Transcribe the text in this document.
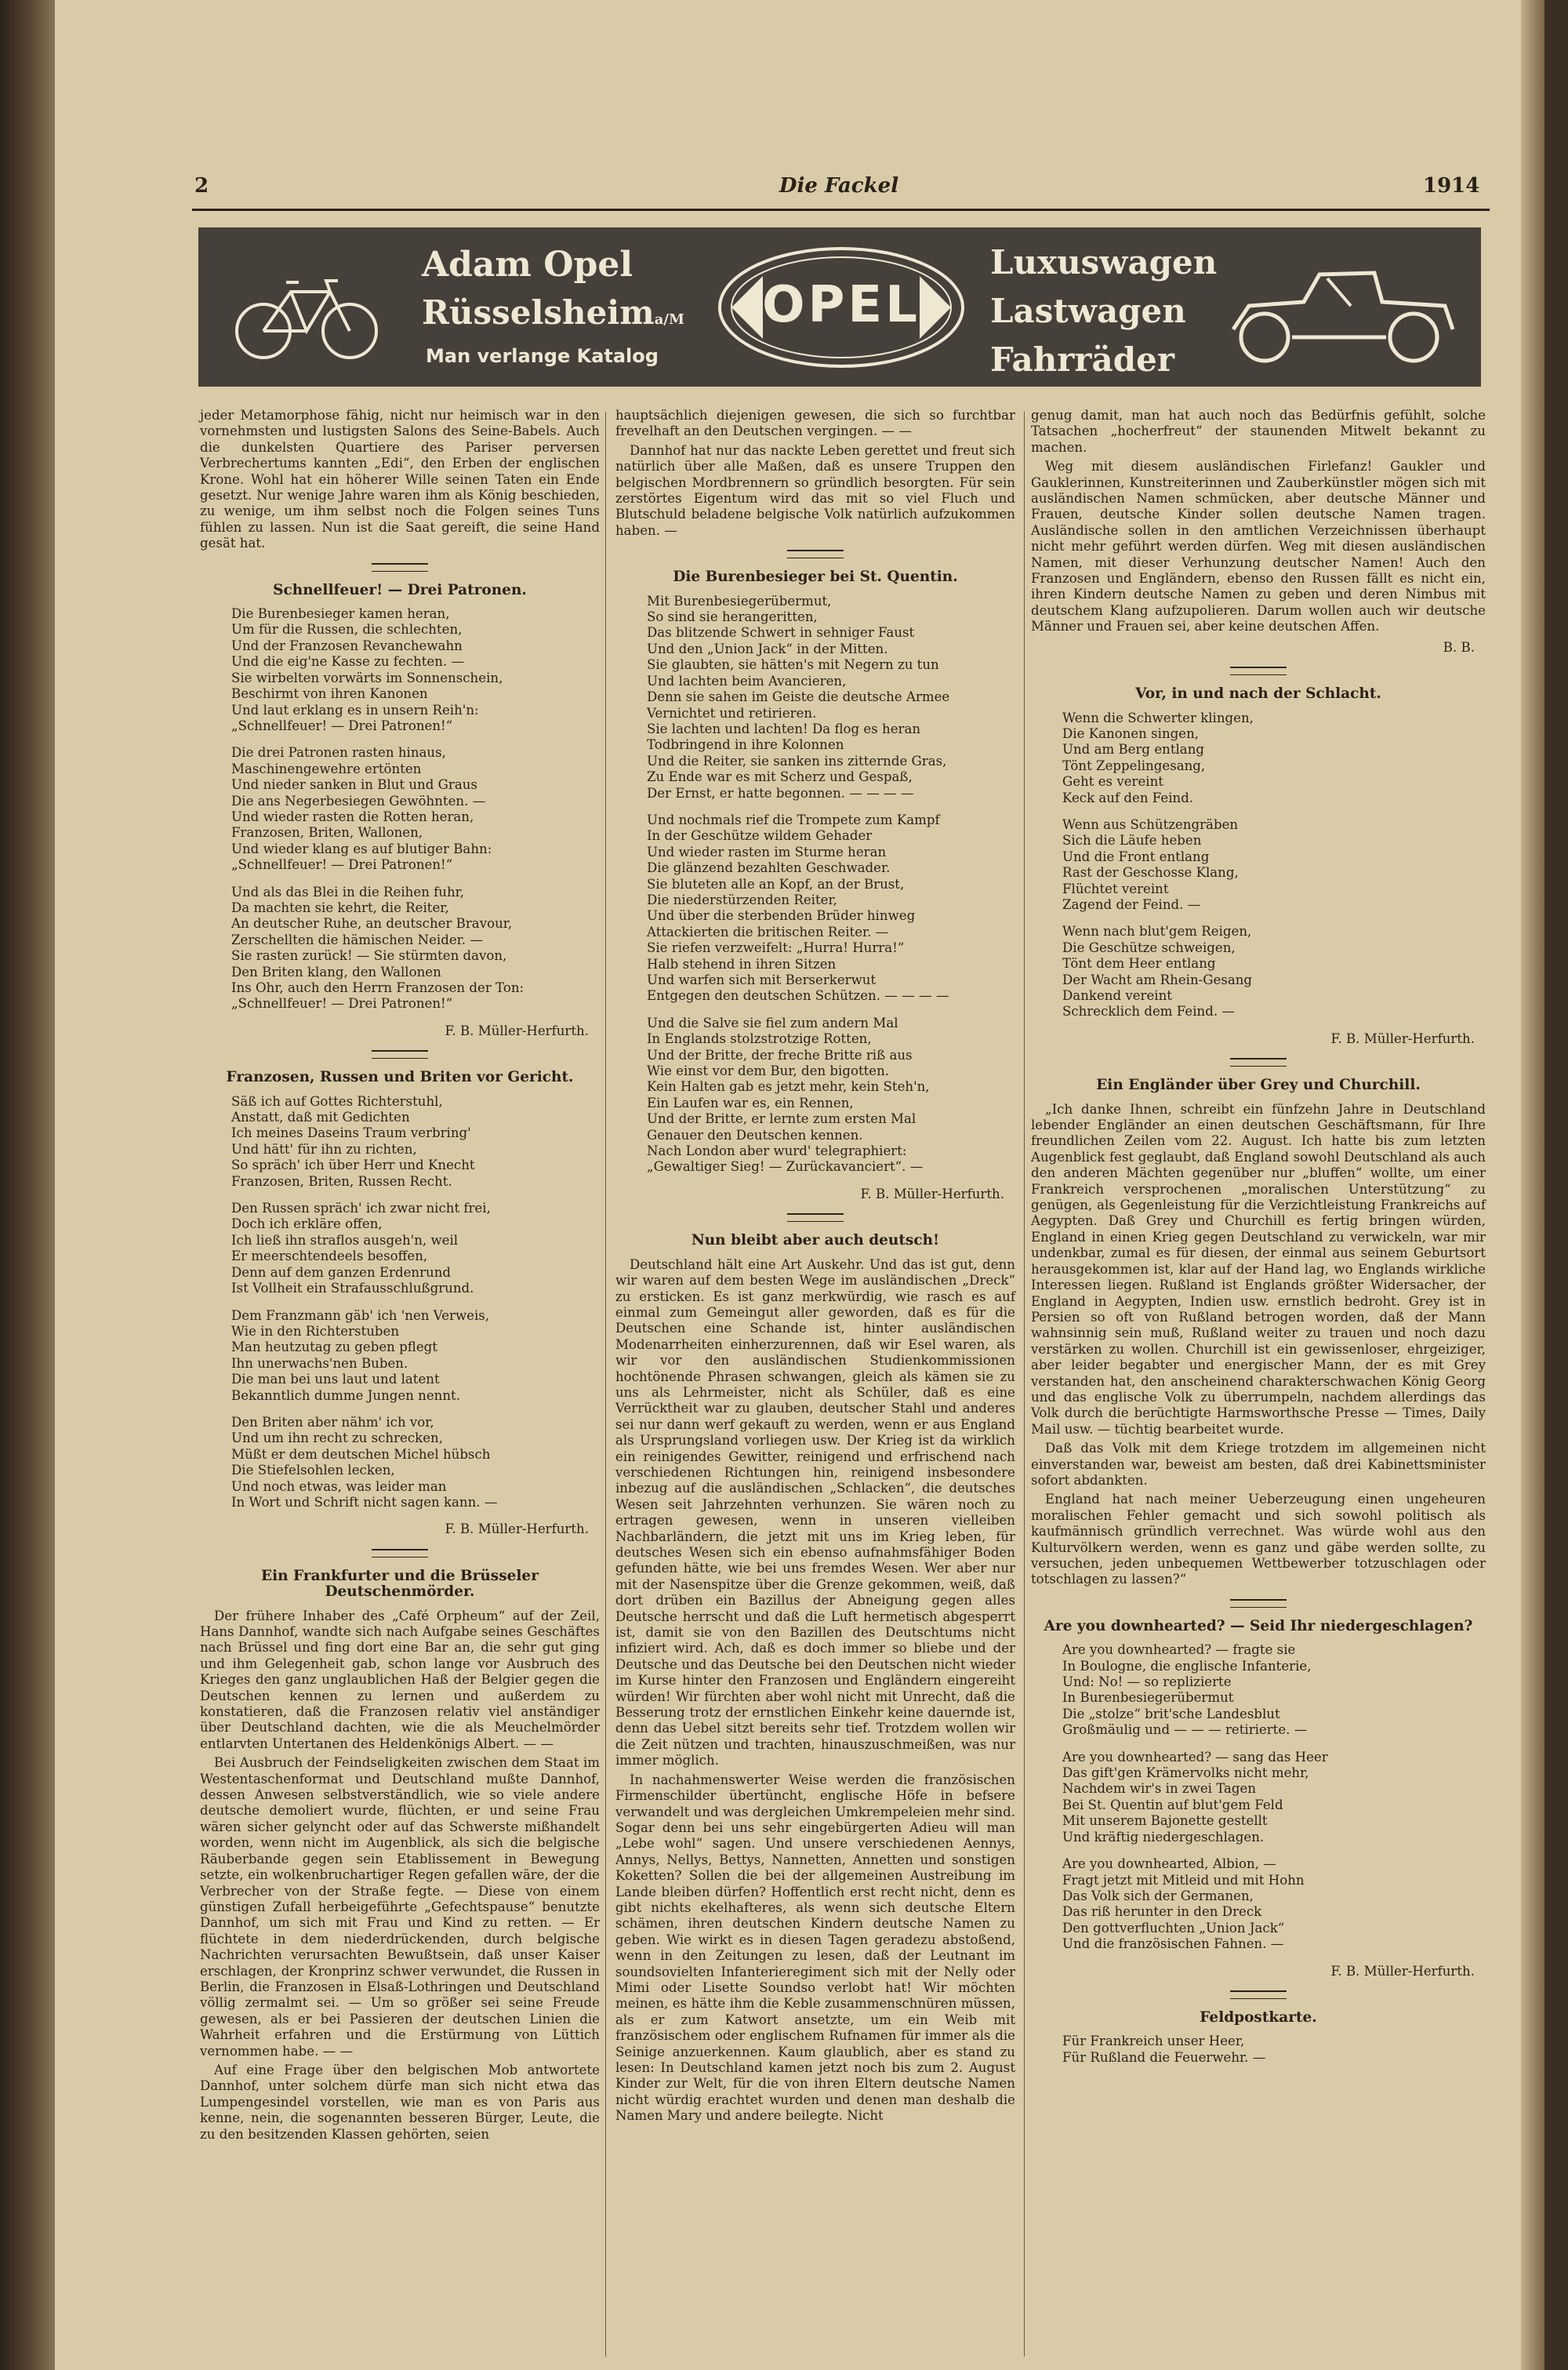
2	Die Fackel	1914
Adam Opel
Rüsselsheima/M
Man verlange Katalog
OPEL
Luxuswagen
Lastwagen
Fahrräder

jeder Metamorphose fähig, nicht nur heimisch war in den vornehmsten und lustigsten Salons des Seine-Babels. Auch die dunkelsten Quartiere des Pariser perversen Verbrechertums kannten „Edi“, den Erben der englischen Krone. Wohl hat ein höherer Wille seinen Taten ein Ende gesetzt. Nur wenige Jahre waren ihm als König beschieden, zu wenige, um ihm selbst noch die Folgen seines Tuns fühlen zu lassen. Nun ist die Saat gereift, die seine Hand gesät hat.

Schnellfeuer! — Drei Patronen.
Die Burenbesieger kamen heran,
Um für die Russen, die schlechten,
Und der Franzosen Revanchewahn
Und die eig'ne Kasse zu fechten. —
Sie wirbelten vorwärts im Sonnenschein,
Beschirmt von ihren Kanonen
Und laut erklang es in unsern Reih'n:
„Schnellfeuer! — Drei Patronen!“
Die drei Patronen rasten hinaus,
Maschinengewehre ertönten
Und nieder sanken in Blut und Graus
Die ans Negerbesiegen Gewöhnten. —
Und wieder rasten die Rotten heran,
Franzosen, Briten, Wallonen,
Und wieder klang es auf blutiger Bahn:
„Schnellfeuer! — Drei Patronen!“
Und als das Blei in die Reihen fuhr,
Da machten sie kehrt, die Reiter,
An deutscher Ruhe, an deutscher Bravour,
Zerschellten die hämischen Neider. —
Sie rasten zurück! — Sie stürmten davon,
Den Briten klang, den Wallonen
Ins Ohr, auch den Herrn Franzosen der Ton:
„Schnellfeuer! — Drei Patronen!“
F. B. Müller-Herfurth.
Franzosen, Russen und Briten vor Gericht.
Säß ich auf Gottes Richterstuhl,
Anstatt, daß mit Gedichten
Ich meines Daseins Traum verbring'
Und hätt' für ihn zu richten,
So spräch' ich über Herr und Knecht
Franzosen, Briten, Russen Recht.
Den Russen spräch' ich zwar nicht frei,
Doch ich erkläre offen,
Ich ließ ihn straflos ausgeh'n, weil
Er meerschtendeels besoffen,
Denn auf dem ganzen Erdenrund
Ist Vollheit ein Strafausschlußgrund.
Dem Franzmann gäb' ich 'nen Verweis,
Wie in den Richterstuben
Man heutzutag zu geben pflegt
Ihn unerwachs'nen Buben.
Die man bei uns laut und latent
Bekanntlich dumme Jungen nennt.
Den Briten aber nähm' ich vor,
Und um ihn recht zu schrecken,
Müßt er dem deutschen Michel hübsch
Die Stiefelsohlen lecken,
Und noch etwas, was leider man
In Wort und Schrift nicht sagen kann. —
F. B. Müller-Herfurth.
Ein Frankfurter und die Brüsseler Deutschenmörder.

Der frühere Inhaber des „Café Orpheum“ auf der Zeil, Hans Dannhof, wandte sich nach Aufgabe seines Geschäftes nach Brüssel und fing dort eine Bar an, die sehr gut ging und ihm Gelegenheit gab, schon lange vor Ausbruch des Krieges den ganz unglaublichen Haß der Belgier gegen die Deutschen kennen zu lernen und außerdem zu konstatieren, daß die Franzosen relativ viel anständiger über Deutschland dachten, wie die als Meuchelmörder entlarvten Untertanen des Heldenkönigs Albert. — —

Bei Ausbruch der Feindseligkeiten zwischen dem Staat im Westentaschenformat und Deutschland mußte Dannhof, dessen Anwesen selbstverständlich, wie so viele andere deutsche demoliert wurde, flüchten, er und seine Frau wären sicher gelyncht oder auf das Schwerste mißhandelt worden, wenn nicht im Augenblick, als sich die belgische Räuberbande gegen sein Etablissement in Bewegung setzte, ein wolkenbruchartiger Regen gefallen wäre, der die Verbrecher von der Straße fegte. — Diese von einem günstigen Zufall herbeigeführte „Gefechtspause“ benutzte Dannhof, um sich mit Frau und Kind zu retten. — Er flüchtete in dem niederdrückenden, durch belgische Nachrichten verursachten Bewußtsein, daß unser Kaiser erschlagen, der Kronprinz schwer verwundet, die Russen in Berlin, die Franzosen in Elsaß-Lothringen und Deutschland völlig zermalmt sei. — Um so größer sei seine Freude gewesen, als er bei Passieren der deutschen Linien die Wahrheit erfahren und die Erstürmung von Lüttich vernommen habe. — —

Auf eine Frage über den belgischen Mob antwortete Dannhof, unter solchem dürfe man sich nicht etwa das Lumpengesindel vorstellen, wie man es von Paris aus kenne, nein, die sogenannten besseren Bürger, Leute, die zu den besitzenden Klassen gehörten, seien

hauptsächlich diejenigen gewesen, die sich so furchtbar frevelhaft an den Deutschen vergingen. — —

Dannhof hat nur das nackte Leben gerettet und freut sich natürlich über alle Maßen, daß es unsere Truppen den belgischen Mordbrennern so gründlich besorgten. Für sein zerstörtes Eigentum wird das mit so viel Fluch und Blutschuld beladene belgische Volk natürlich aufzukommen haben. —

Die Burenbesieger bei St. Quentin.
Mit Burenbesiegerübermut,
So sind sie herangeritten,
Das blitzende Schwert in sehniger Faust
Und den „Union Jack“ in der Mitten.
Sie glaubten, sie hätten's mit Negern zu tun
Und lachten beim Avancieren,
Denn sie sahen im Geiste die deutsche Armee
Vernichtet und retirieren.
Sie lachten und lachten! Da flog es heran
Todbringend in ihre Kolonnen
Und die Reiter, sie sanken ins zitternde Gras,
Zu Ende war es mit Scherz und Gespaß,
Der Ernst, er hatte begonnen. — — — —
Und nochmals rief die Trompete zum Kampf
In der Geschütze wildem Gehader
Und wieder rasten im Sturme heran
Die glänzend bezahlten Geschwader.
Sie bluteten alle an Kopf, an der Brust,
Die niederstürzenden Reiter,
Und über die sterbenden Brüder hinweg
Attackierten die britischen Reiter. —
Sie riefen verzweifelt: „Hurra! Hurra!“
Halb stehend in ihren Sitzen
Und warfen sich mit Berserkerwut
Entgegen den deutschen Schützen. — — — —
Und die Salve sie fiel zum andern Mal
In Englands stolzstrotzige Rotten,
Und der Britte, der freche Britte riß aus
Wie einst vor dem Bur, den bigotten.
Kein Halten gab es jetzt mehr, kein Steh'n,
Ein Laufen war es, ein Rennen,
Und der Britte, er lernte zum ersten Mal
Genauer den Deutschen kennen.
Nach London aber wurd' telegraphiert:
„Gewaltiger Sieg! — Zurückavanciert“. —
F. B. Müller-Herfurth.
Nun bleibt aber auch deutsch!

Deutschland hält eine Art Auskehr. Und das ist gut, denn wir waren auf dem besten Wege im ausländischen „Dreck“ zu ersticken. Es ist ganz merkwürdig, wie rasch es auf einmal zum Gemeingut aller geworden, daß es für die Deutschen eine Schande ist, hinter ausländischen Modenarrheiten einherzurennen, daß wir Esel waren, als wir vor den ausländischen Studienkommissionen hochtönende Phrasen schwangen, gleich als kämen sie zu uns als Lehrmeister, nicht als Schüler, daß es eine Verrücktheit war zu glauben, deutscher Stahl und anderes sei nur dann werf gekauft zu werden, wenn er aus England als Ursprungsland vorliegen usw. Der Krieg ist da wirklich ein reinigendes Gewitter, reinigend und erfrischend nach verschiedenen Richtungen hin, reinigend insbesondere inbezug auf die ausländischen „Schlacken“, die deutsches Wesen seit Jahrzehnten verhunzen. Sie wären noch zu ertragen gewesen, wenn in unseren vielleiben Nachbarländern, die jetzt mit uns im Krieg leben, für deutsches Wesen sich ein ebenso aufnahmsfähiger Boden gefunden hätte, wie bei uns fremdes Wesen. Wer aber nur mit der Nasenspitze über die Grenze gekommen, weiß, daß dort drüben ein Bazillus der Abneigung gegen alles Deutsche herrscht und daß die Luft hermetisch abgesperrt ist, damit sie von den Bazillen des Deutschtums nicht infiziert wird. Ach, daß es doch immer so bliebe und der Deutsche und das Deutsche bei den Deutschen nicht wieder im Kurse hinter den Franzosen und Engländern eingereiht würden! Wir fürchten aber wohl nicht mit Unrecht, daß die Besserung trotz der ernstlichen Einkehr keine dauernde ist, denn das Uebel sitzt bereits sehr tief. Trotzdem wollen wir die Zeit nützen und trachten, hinauszuschmeißen, was nur immer möglich.

In nachahmenswerter Weise werden die französischen Firmenschilder übertüncht, englische Höfe in befsere verwandelt und was dergleichen Umkrempeleien mehr sind. Sogar denn bei uns sehr eingebürgerten Adieu will man „Lebe wohl“ sagen. Und unsere verschiedenen Aennys, Annys, Nellys, Bettys, Nannetten, Annetten und sonstigen Koketten? Sollen die bei der allgemeinen Austreibung im Lande bleiben dürfen? Hoffentlich erst recht nicht, denn es gibt nichts ekelhafteres, als wenn sich deutsche Eltern schämen, ihren deutschen Kindern deutsche Namen zu geben. Wie wirkt es in diesen Tagen geradezu abstoßend, wenn in den Zeitungen zu lesen, daß der Leutnant im soundsovielten Infanterieregiment sich mit der Nelly oder Mimi oder Lisette Soundso verlobt hat! Wir möchten meinen, es hätte ihm die Keble zusammenschnüren müssen, als er zum Katwort ansetzte, um ein Weib mit französischem oder englischem Rufnamen für immer als die Seinige anzuerkennen. Kaum glaublich, aber es stand zu lesen: In Deutschland kamen jetzt noch bis zum 2. August Kinder zur Welt, für die von ihren Eltern deutsche Namen nicht würdig erachtet wurden und denen man deshalb die Namen Mary und andere beilegte. Nicht

genug damit, man hat auch noch das Bedürfnis gefühlt, solche Tatsachen „hocherfreut“ der staunenden Mitwelt bekannt zu machen.

Weg mit diesem ausländischen Firlefanz! Gaukler und Gauklerinnen, Kunstreiterinnen und Zauberkünstler mögen sich mit ausländischen Namen schmücken, aber deutsche Männer und Frauen, deutsche Kinder sollen deutsche Namen tragen. Ausländische sollen in den amtlichen Verzeichnissen überhaupt nicht mehr geführt werden dürfen. Weg mit diesen ausländischen Namen, mit dieser Verhunzung deutscher Namen! Auch den Franzosen und Engländern, ebenso den Russen fällt es nicht ein, ihren Kindern deutsche Namen zu geben und deren Nimbus mit deutschem Klang aufzupolieren. Darum wollen auch wir deutsche Männer und Frauen sei, aber keine deutschen Affen.

B. B.
Vor, in und nach der Schlacht.
Wenn die Schwerter klingen,
Die Kanonen singen,
Und am Berg entlang
Tönt Zeppelingesang,
Geht es vereint
Keck auf den Feind.
Wenn aus Schützengräben
Sich die Läufe heben
Und die Front entlang
Rast der Geschosse Klang,
Flüchtet vereint
Zagend der Feind. —
Wenn nach blut'gem Reigen,
Die Geschütze schweigen,
Tönt dem Heer entlang
Der Wacht am Rhein-Gesang
Dankend vereint
Schrecklich dem Feind. —
F. B. Müller-Herfurth.
Ein Engländer über Grey und Churchill.

„Ich danke Ihnen, schreibt ein fünfzehn Jahre in Deutschland lebender Engländer an einen deutschen Geschäftsmann, für Ihre freundlichen Zeilen vom 22. August. Ich hatte bis zum letzten Augenblick fest geglaubt, daß England sowohl Deutschland als auch den anderen Mächten gegenüber nur „bluffen“ wollte, um einer Frankreich versprochenen „moralischen Unterstützung“ zu genügen, als Gegenleistung für die Verzichtleistung Frankreichs auf Aegypten. Daß Grey und Churchill es fertig bringen würden, England in einen Krieg gegen Deutschland zu verwickeln, war mir undenkbar, zumal es für diesen, der einmal aus seinem Geburtsort herausgekommen ist, klar auf der Hand lag, wo Englands wirkliche Interessen liegen. Rußland ist Englands größter Widersacher, der England in Aegypten, Indien usw. ernstlich bedroht. Grey ist in Persien so oft von Rußland betrogen worden, daß der Mann wahnsinnig sein muß, Rußland weiter zu trauen und noch dazu verstärken zu wollen. Churchill ist ein gewissenloser, ehrgeiziger, aber leider begabter und energischer Mann, der es mit Grey verstanden hat, den anscheinend charakterschwachen König Georg und das englische Volk zu überrumpeln, nachdem allerdings das Volk durch die berüchtigte Harmsworthsche Presse — Times, Daily Mail usw. — tüchtig bearbeitet wurde.

Daß das Volk mit dem Kriege trotzdem im allgemeinen nicht einverstanden war, beweist am besten, daß drei Kabinettsminister sofort abdankten.

England hat nach meiner Ueberzeugung einen ungeheuren moralischen Fehler gemacht und sich sowohl politisch als kaufmännisch gründlich verrechnet. Was würde wohl aus den Kulturvölkern werden, wenn es ganz und gäbe werden sollte, zu versuchen, jeden unbequemen Wettbewerber totzuschlagen oder totschlagen zu lassen?“

Are you downhearted? — Seid Ihr niedergeschlagen?
Are you downhearted? — fragte sie
In Boulogne, die englische Infanterie,
Und: No! — so replizierte
In Burenbesiegerübermut
Die „stolze“ brit'sche Landesblut
Großmäulig und — — — retirierte. —
Are you downhearted? — sang das Heer
Das gift'gen Krämervolks nicht mehr,
Nachdem wir's in zwei Tagen
Bei St. Quentin auf blut'gem Feld
Mit unserem Bajonette gestellt
Und kräftig niedergeschlagen.
Are you downhearted, Albion, —
Fragt jetzt mit Mitleid und mit Hohn
Das Volk sich der Germanen,
Das riß herunter in den Dreck
Den gottverfluchten „Union Jack“
Und die französischen Fahnen. —
F. B. Müller-Herfurth.
Feldpostkarte.
Für Frankreich unser Heer,
Für Rußland die Feuerwehr. —
